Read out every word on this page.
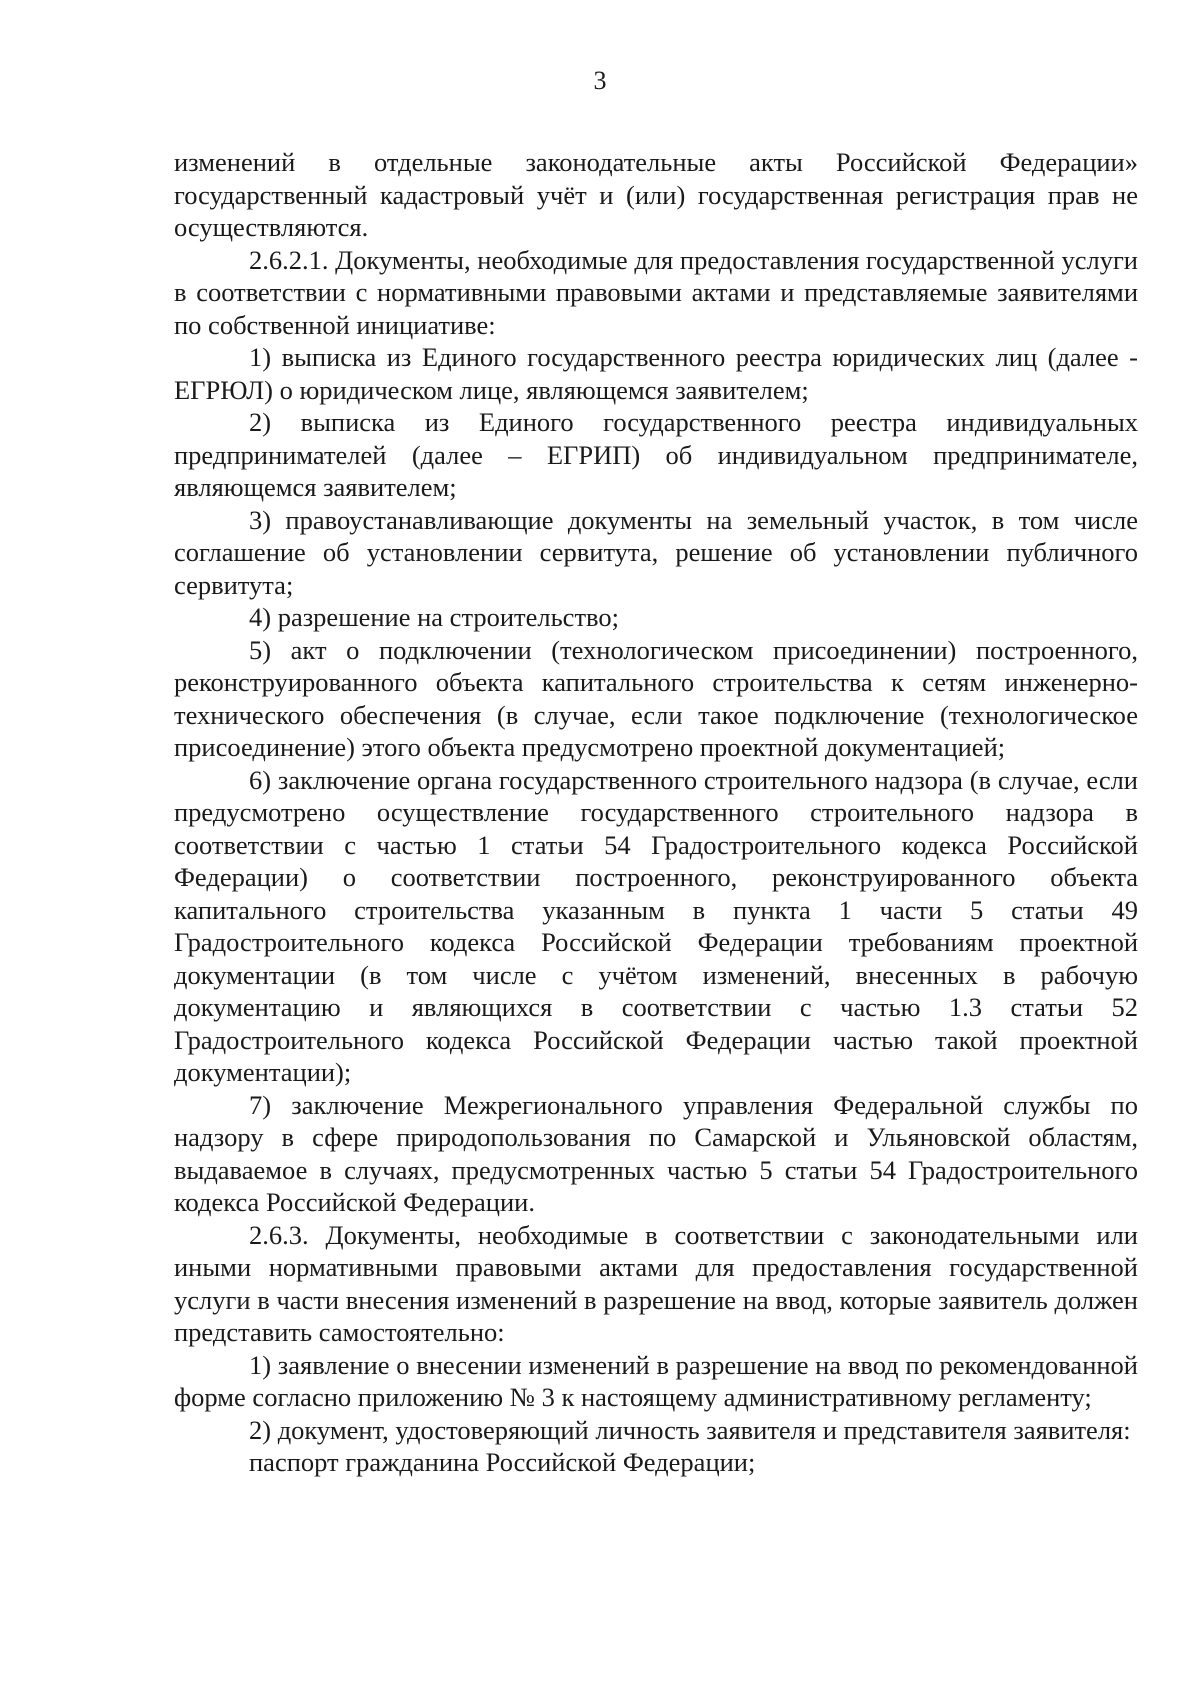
3

изменений в отдельные законодательные акты Российской Федерации» государственный кадастровый учёт и (или) государственная регистрация прав не осуществляются.

2.6.2.1. Документы, необходимые для предоставления государственной услуги в соответствии с нормативными правовыми актами и представляемые заявителями по собственной инициативе:

1) выписка из Единого государственного реестра юридических лиц (далее - ЕГРЮЛ) о юридическом лице, являющемся заявителем;

2) выписка из Единого государственного реестра индивидуальных предпринимателей (далее – ЕГРИП) об индивидуальном предпринимателе, являющемся заявителем;

3) правоустанавливающие документы на земельный участок, в том числе соглашение об установлении сервитута, решение об установлении публичного сервитута;

4) разрешение на строительство;

5) акт о подключении (технологическом присоединении) построенного, реконструированного объекта капитального строительства к сетям инженерно-технического обеспечения (в случае, если такое подключение (технологическое присоединение) этого объекта предусмотрено проектной документацией;

6) заключение органа государственного строительного надзора (в случае, если предусмотрено осуществление государственного строительного надзора в соответствии с частью 1 статьи 54 Градостроительного кодекса Российской Федерации) о соответствии построенного, реконструированного объекта капитального строительства указанным в пункта 1 части 5 статьи 49 Градостроительного кодекса Российской Федерации требованиям проектной документации (в том числе с учётом изменений, внесенных в рабочую документацию и являющихся в соответствии с частью 1.3 статьи 52 Градостроительного кодекса Российской Федерации частью такой проектной документации);

7) заключение Межрегионального управления Федеральной службы по надзору в сфере природопользования по Самарской и Ульяновской областям, выдаваемое в случаях, предусмотренных частью 5 статьи 54 Градостроительного кодекса Российской Федерации.

2.6.3. Документы, необходимые в соответствии с законодательными или иными нормативными правовыми актами для предоставления государственной услуги в части внесения изменений в разрешение на ввод, которые заявитель должен представить самостоятельно:

1) заявление о внесении изменений в разрешение на ввод по рекомендованной форме согласно приложению № 3 к настоящему административному регламенту;

2) документ, удостоверяющий личность заявителя и представителя заявителя:

паспорт гражданина Российской Федерации;
